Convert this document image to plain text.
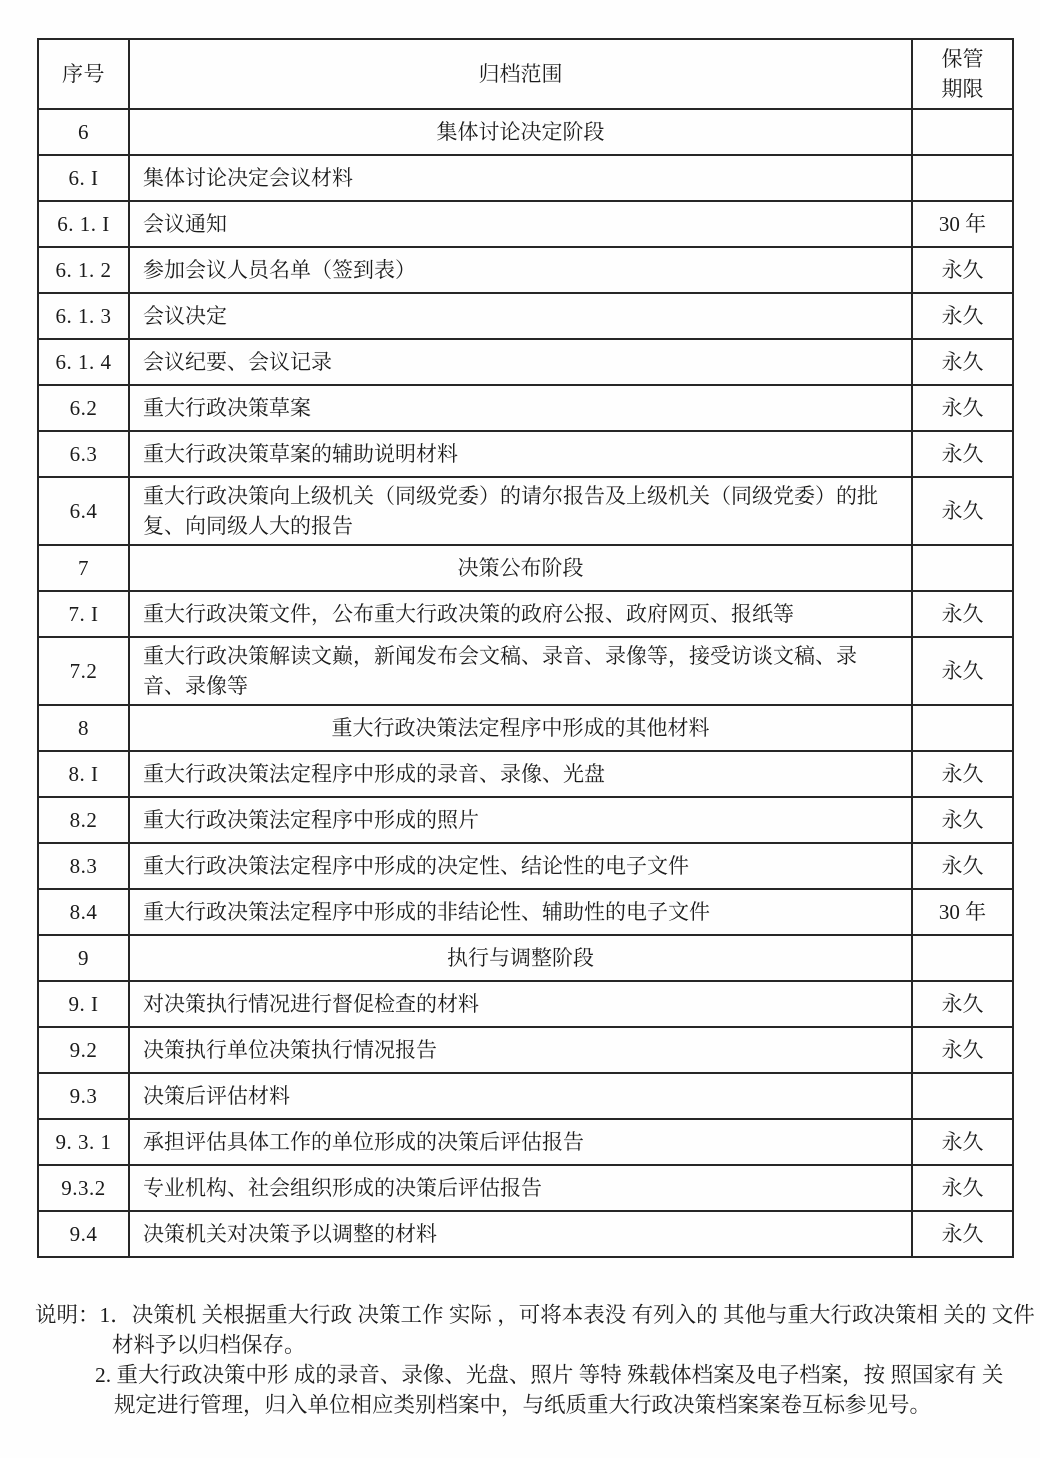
序号	归档范围	保管
期限

6	集体讨论决定阶段	
6. I	集体讨论决定会议材料	
6. 1. I	会议通知	30 年
6. 1. 2	参加会议人员名单（签到表）	永久
6. 1. 3	会议决定	永久
6. 1. 4	会议纪要、会议记录	永久
6.2	重大行政决策草案	永久
6.3	重大行政决策草案的辅助说明材料	永久
6.4	重大行政决策向上级机关（同级党委）的请尔报告及上级机关（同级党委）的批复、向同级人大的报告	永久
7	决策公布阶段	
7. I	重大行政决策文件，公布重大行政决策的政府公报、政府网页、报纸等	永久
7.2	重大行政决策解读文巅，新闻发布会文稿、录音、录像等，接受访谈文稿、录音、录像等	永久
8	重大行政决策法定程序中形成的其他材料	
8. I	重大行政决策法定程序中形成的录音、录像、光盘	永久
8.2	重大行政决策法定程序中形成的照片	永久
8.3	重大行政决策法定程序中形成的决定性、结论性的电子文件	永久
8.4	重大行政决策法定程序中形成的非结论性、辅助性的电子文件	30 年
9	执行与调整阶段	
9. I	对决策执行情况进行督促检查的材料	永久
9.2	决策执行单位决策执行情况报告	永久
9.3	决策后评估材料	
9. 3. 1	承担评估具体工作的单位形成的决策后评估报告	永久
9.3.2	专业机构、社会组织形成的决策后评估报告	永久
9.4	决策机关对决策予以调整的材料	永久
说明：1．决策机 关根据重大行政 决策工作 实际 ，可将本表没 有列入的 其他与重大行政决策相 关的 文件
材料予以归档保存。
2. 重大行政决策中形 成的录音、录像、光盘、照片 等特 殊载体档案及电子档案，按 照国家有 关
规定进行管理，归入单位相应类别档案中，与纸质重大行政决策档案案卷互标参见号。
